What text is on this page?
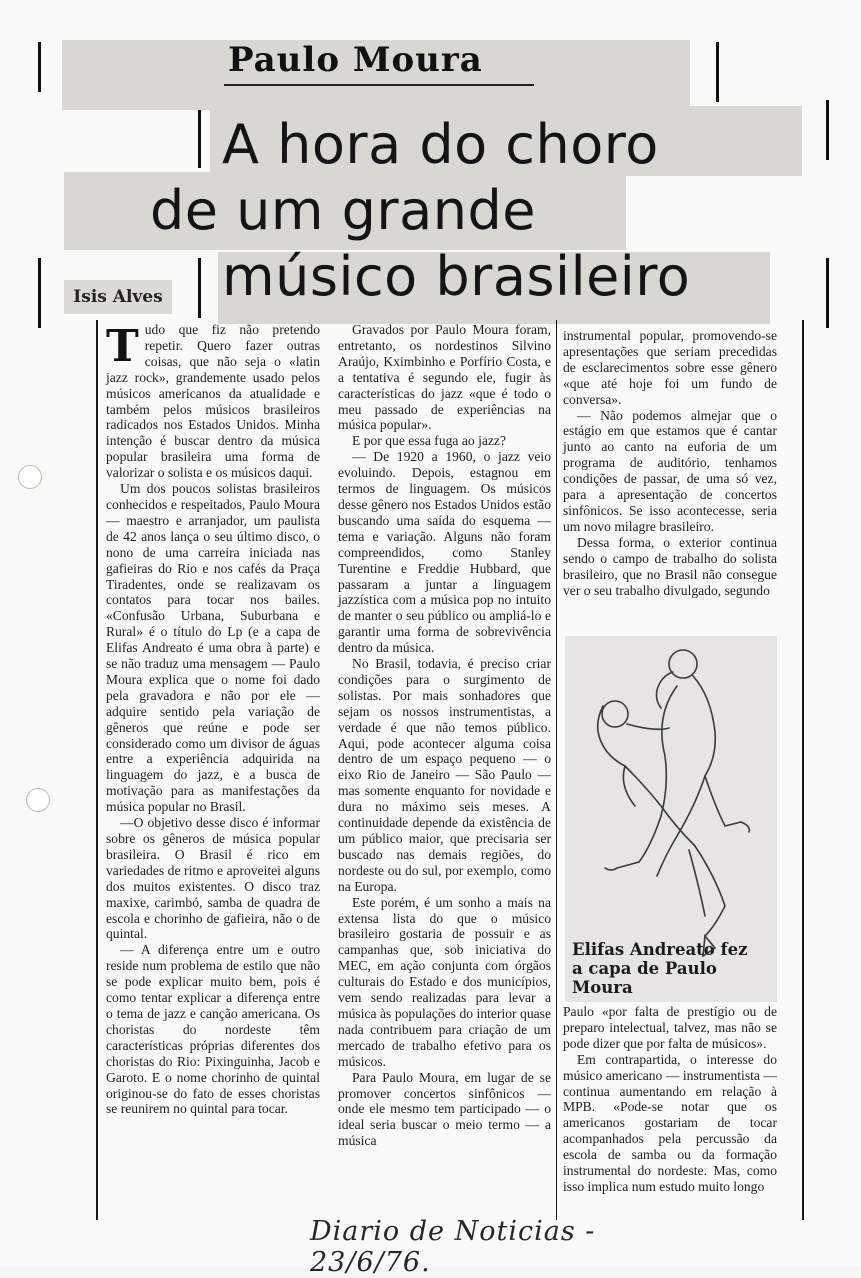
Paulo Moura

A hora do choro
de um grande
músico brasileiro
Isis Alves

Tudo que fiz não pretendo repetir. Quero fazer outras coisas, que não seja o «latin jazz rock», grandemente usado pelos músicos americanos da atualidade e também pelos músicos brasileiros radicados nos Estados Unidos. Minha intenção é buscar dentro da música popular brasileira uma forma de valorizar o solista e os músicos daqui.

Um dos poucos solistas brasileiros conhecidos e respeitados, Paulo Moura — maestro e arranjador, um paulista de 42 anos lança o seu último disco, o nono de uma carreira iniciada nas gafieiras do Rio e nos cafés da Praça Tiradentes, onde se realizavam os contatos para tocar nos bailes. «Confusão Urbana, Suburbana e Rural» é o título do Lp (e a capa de Elifas Andreato é uma obra à parte) e se não traduz uma mensagem — Paulo Moura explica que o nome foi dado pela gravadora e não por ele — adquire sentido pela variação de gêneros que reúne e pode ser considerado como um divisor de águas entre a experiência adquirida na linguagem do jazz, e a busca de motivação para as manifestações da música popular no Brasil.

—O objetivo desse disco é informar sobre os gêneros de música popular brasileira. O Brasil é rico em variedades de ritmo e aproveitei alguns dos muitos existentes. O disco traz maxixe, carimbó, samba de quadra de escola e chorinho de gafieira, não o de quintal.

— A diferença entre um e outro reside num problema de estilo que não se pode explicar muito bem, pois é como tentar explicar a diferença entre o tema de jazz e canção americana. Os choristas do nordeste têm características próprias diferentes dos choristas do Rio: Pixinguinha, Jacob e Garoto. E o nome chorinho de quintal originou-se do fato de esses choristas se reunirem no quintal para tocar.

Gravados por Paulo Moura foram, entretanto, os nordestinos Silvino Araújo, Kximbinho e Porfírio Costa, e a tentativa é segundo ele, fugir às características do jazz «que é todo o meu passado de experiências na música popular».

E por que essa fuga ao jazz?

— De 1920 a 1960, o jazz veio evoluindo. Depois, estagnou em termos de linguagem. Os músicos desse gênero nos Estados Unidos estão buscando uma saída do esquema — tema e variação. Alguns não foram compreendidos, como Stanley Turentine e Freddie Hubbard, que passaram a juntar a linguagem jazzística com a música pop no intuito de manter o seu público ou ampliá-lo e garantir uma forma de sobrevivência dentro da música.

No Brasil, todavia, é preciso criar condições para o surgimento de solistas. Por mais sonhadores que sejam os nossos instrumentistas, a verdade é que não temos público. Aqui, pode acontecer alguma coisa dentro de um espaço pequeno — o eixo Rio de Janeiro — São Paulo — mas somente enquanto for novidade e dura no máximo seis meses. A continuidade depende da existência de um público maior, que precisaria ser buscado nas demais regiões, do nordeste ou do sul, por exemplo, como na Europa.

Este porém, é um sonho a mais na extensa lista do que o músico brasileiro gostaria de possuir e as campanhas que, sob iniciativa do MEC, em ação conjunta com órgãos culturais do Estado e dos municípios, vem sendo realizadas para levar a música às populações do interior quase nada contribuem para criação de um mercado de trabalho efetivo para os músicos.

Para Paulo Moura, em lugar de se promover concertos sinfônicos — onde ele mesmo tem participado — o ideal seria buscar o meio termo — a música

instrumental popular, promovendo-se apresentações que seriam precedidas de esclarecimentos sobre esse gênero «que até hoje foi um fundo de conversa».

— Não podemos almejar que o estágio em que estamos que é cantar junto ao canto na euforia de um programa de auditório, tenhamos condições de passar, de uma só vez, para a apresentação de concertos sinfônicos. Se isso acontecesse, seria um novo milagre brasileiro.

Dessa forma, o exterior continua sendo o campo de trabalho do solista brasileiro, que no Brasil não consegue ver o seu trabalho divulgado, segundo

Elifas Andreato fez a capa de Paulo Moura

Paulo «por falta de prestígio ou de preparo intelectual, talvez, mas não se pode dizer que por falta de músicos».

Em contrapartida, o interesse do músico americano — instrumentista — continua aumentando em relação à MPB. «Pode-se notar que os americanos gostariam de tocar acompanhados pela percussão da escola de samba ou da formação instrumental do nordeste. Mas, como isso implica num estudo muito longo

Diario de Noticias - 23/6/76.
